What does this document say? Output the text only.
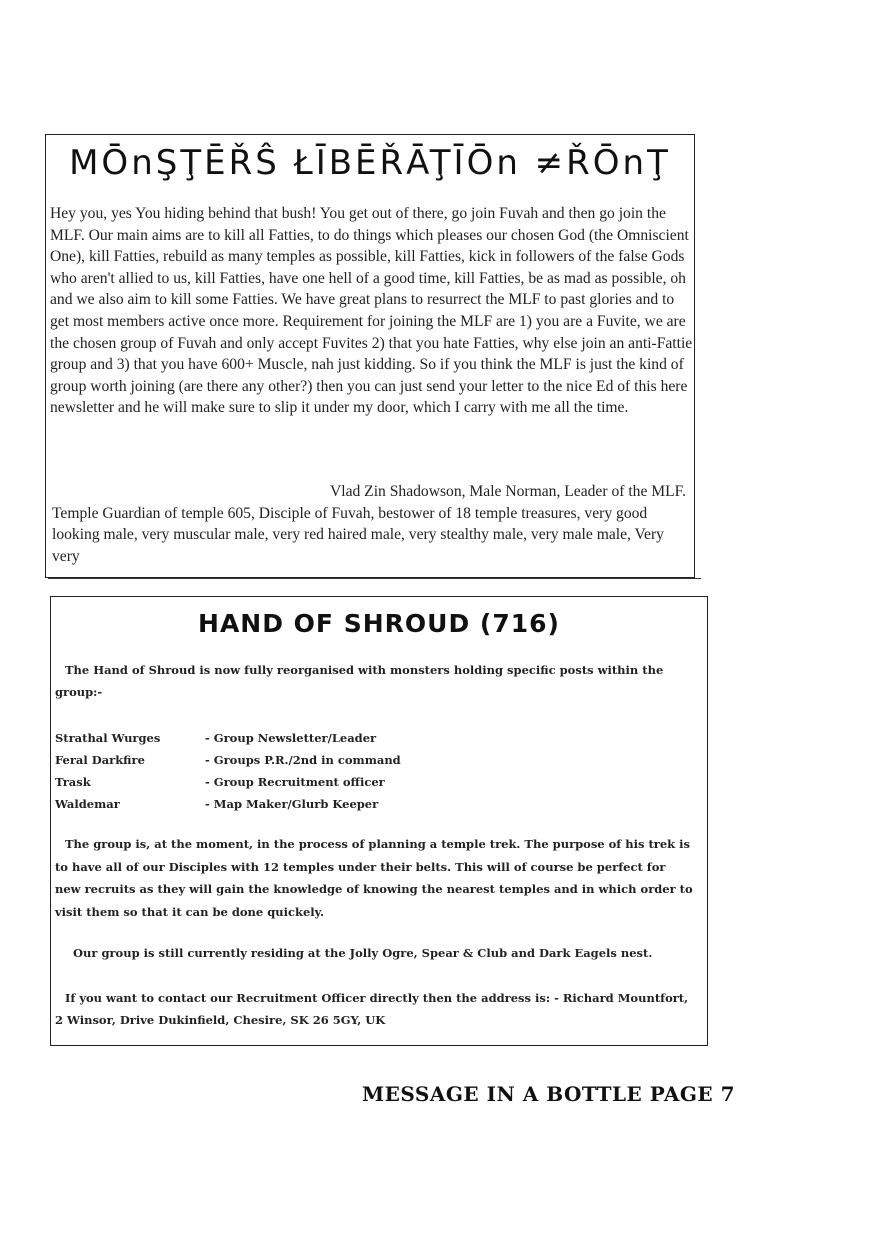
MŌnŞŢĒŘŜ ŁĪBĒŘĀŢĪŌn ≠ŘŌnŢ
Hey you, yes You hiding behind that bush! You get out of there, go join Fuvah and then go join the MLF. Our main aims are to kill all Fatties, to do things which pleases our chosen God (the Omniscient One), kill Fatties, rebuild as many temples as possible, kill Fatties, kick in followers of the false Gods who aren't allied to us, kill Fatties, have one hell of a good time, kill Fatties, be as mad as possible, oh and we also aim to kill some Fatties. We have great plans to resurrect the MLF to past glories and to get most members active once more. Requirement for joining the MLF are 1) you are a Fuvite, we are the chosen group of Fuvah and only accept Fuvites 2) that you hate Fatties, why else join an anti-Fattie group and 3) that you have 600+ Muscle, nah just kidding. So if you think the MLF is just the kind of group worth joining (are there any other?) then you can just send your letter to the nice Ed of this here newsletter and he will make sure to slip it under my door, which I carry with me all the time.
Vlad Zin Shadowson, Male Norman, Leader of the MLF.
Temple Guardian of temple 605, Disciple of Fuvah, bestower of 18 temple treasures, very good looking male, very muscular male, very red haired male, very stealthy male, very male male, Very very
HAND OF SHROUD (716)
The Hand of Shroud is now fully reorganised with monsters holding specific posts within the group:-
Strathal Wurges	- Group Newsletter/Leader
Feral Darkfire	- Groups P.R./2nd in command
Trask	- Group Recruitment officer
Waldemar	- Map Maker/Glurb Keeper
The group is, at the moment, in the process of planning a temple trek. The purpose of his trek is to have all of our Disciples with 12 temples under their belts. This will of course be perfect for new recruits as they will gain the knowledge of knowing the nearest temples and in which order to visit them so that it can be done quickely.
Our group is still currently residing at the Jolly Ogre, Spear & Club and Dark Eagels nest.
If you want to contact our Recruitment Officer directly then the address is: - Richard Mountfort, 2 Winsor, Drive Dukinfield, Chesire, SK 26 5GY, UK
MESSAGE IN A BOTTLE PAGE 7
